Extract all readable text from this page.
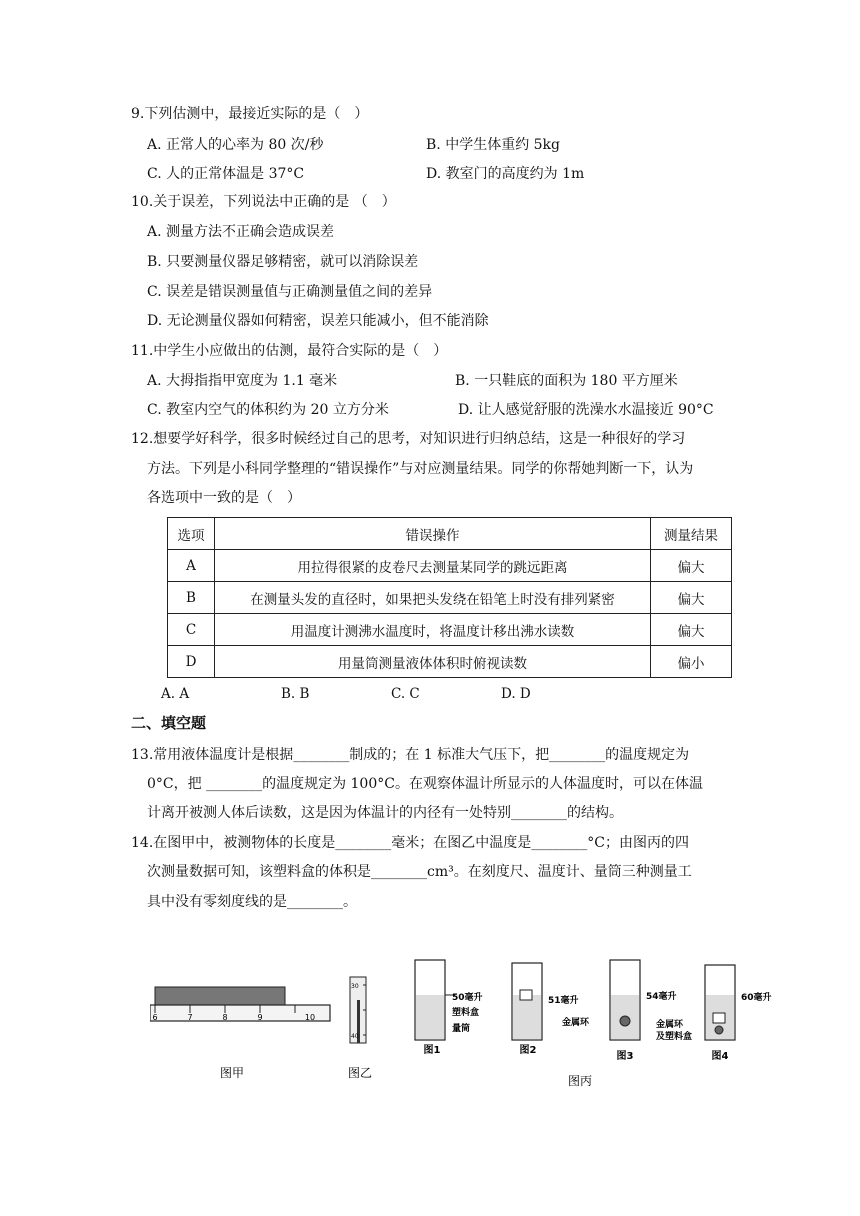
9.下列估测中，最接近实际的是（　）
A. 正常人的心率为 80 次/秒	B. 中学生体重约 5kg
C. 人的正常体温是 37°C	D. 教室门的高度约为 1m
10.关于误差，下列说法中正确的是 （　）
A. 测量方法不正确会造成误差
B. 只要测量仪器足够精密，就可以消除误差
C. 误差是错误测量值与正确测量值之间的差异
D. 无论测量仪器如何精密，误差只能减小，但不能消除
11.中学生小应做出的估测，最符合实际的是（　）
A. 大拇指指甲宽度为 1.1 毫米	B. 一只鞋底的面积为 180 平方厘米
C. 教室内空气的体积约为 20 立方分米	D. 让人感觉舒服的洗澡水水温接近 90°C
12.想要学好科学，很多时候经过自己的思考，对知识进行归纳总结，这是一种很好的学习
方法。下列是小科同学整理的“错误操作”与对应测量结果。同学的你帮她判断一下，认为
各选项中一致的是（　）
选项	错误操作	测量结果
A	用拉得很紧的皮卷尺去测量某同学的跳远距离	偏大
B	在测量头发的直径时，如果把头发绕在铅笔上时没有排列紧密	偏大
C	用温度计测沸水温度时，将温度计移出沸水读数	偏大
D	用量筒测量液体体积时俯视读数	偏小
A. A	B. B	C. C	D. D
二、填空题
13.常用液体温度计是根据________制成的；在 1 标准大气压下，把________的温度规定为
0°C，把 ________的温度规定为 100°C。在观察体温计所显示的人体温度时，可以在体温
计离开被测人体后读数，这是因为体温计的内径有一处特别________的结构。
14.在图甲中，被测物体的长度是________毫米；在图乙中温度是________°C；由图丙的四
次测量数据可知，该塑料盒的体积是________cm³。在刻度尺、温度计、量筒三种测量工
具中没有零刻度线的是________。
6	7	8	9	10
图甲
30
40
图乙
50毫升
塑料盒
量筒
图1
51毫升
图2
54毫升
金属环
图3
60毫升
金属环
及塑料盒
图4
图丙
